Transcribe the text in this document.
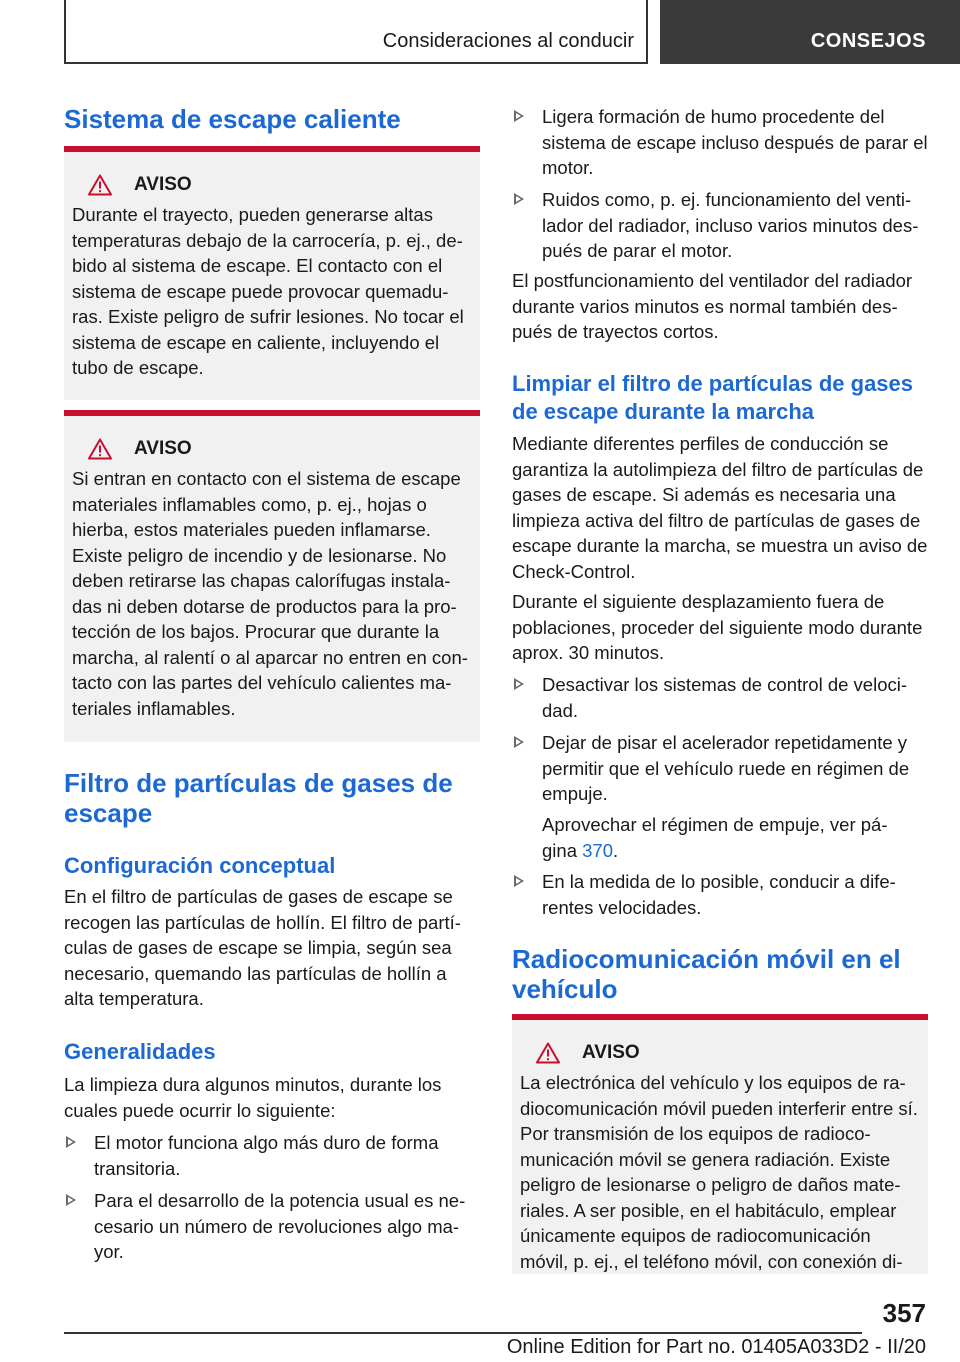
Consideraciones al conducir	CONSEJOS
Sistema de escape caliente
AVISO

Durante el trayecto, pueden generarse altas temperaturas debajo de la carrocería, p. ej., debido al sistema de escape. El contacto con el sistema de escape puede provocar quemaduras. Existe peligro de sufrir lesiones. No tocar el sistema de escape en caliente, incluyendo el tubo de escape.

AVISO

Si entran en contacto con el sistema de escape materiales inflamables como, p. ej., hojas o hierba, estos materiales pueden inflamarse. Existe peligro de incendio y de lesionarse. No deben retirarse las chapas calorífugas instaladas ni deben dotarse de productos para la protección de los bajos. Procurar que durante la marcha, al ralentí o al aparcar no entren en contacto con las partes del vehículo calientes materiales inflamables.

Filtro de partículas de gases de escape
Configuración conceptual

En el filtro de partículas de gases de escape se recogen las partículas de hollín. El filtro de partículas de gases de escape se limpia, según sea necesario, quemando las partículas de hollín a alta temperatura.

Generalidades

La limpieza dura algunos minutos, durante los cuales puede ocurrir lo siguiente:

El motor funciona algo más duro de forma transitoria.
Para el desarrollo de la potencia usual es necesario un número de revoluciones algo mayor.
Ligera formación de humo procedente del sistema de escape incluso después de parar el motor.
Ruidos como, p. ej. funcionamiento del ventilador del radiador, incluso varios minutos después de parar el motor.

El postfuncionamiento del ventilador del radiador durante varios minutos es normal también después de trayectos cortos.

Limpiar el filtro de partículas de gases de escape durante la marcha

Mediante diferentes perfiles de conducción se garantiza la autolimpieza del filtro de partículas de gases de escape. Si además es necesaria una limpieza activa del filtro de partículas de gases de escape durante la marcha, se muestra un aviso de Check-Control.

Durante el siguiente desplazamiento fuera de poblaciones, proceder del siguiente modo durante aprox. 30 minutos.

Desactivar los sistemas de control de velocidad.
Dejar de pisar el acelerador repetidamente y permitir que el vehículo ruede en régimen de empuje.

Aprovechar el régimen de empuje, ver página 370.

En la medida de lo posible, conducir a diferentes velocidades.
Radiocomunicación móvil en el vehículo
AVISO

La electrónica del vehículo y los equipos de radiocomunicación móvil pueden interferir entre sí. Por transmisión de los equipos de radiocomunicación móvil se genera radiación. Existe peligro de lesionarse o peligro de daños materiales. A ser posible, en el habitáculo, emplear únicamente equipos de radiocomunicación móvil, p. ej., el teléfono móvil, con conexión di-

357
Online Edition for Part no. 01405A033D2 - II/20
